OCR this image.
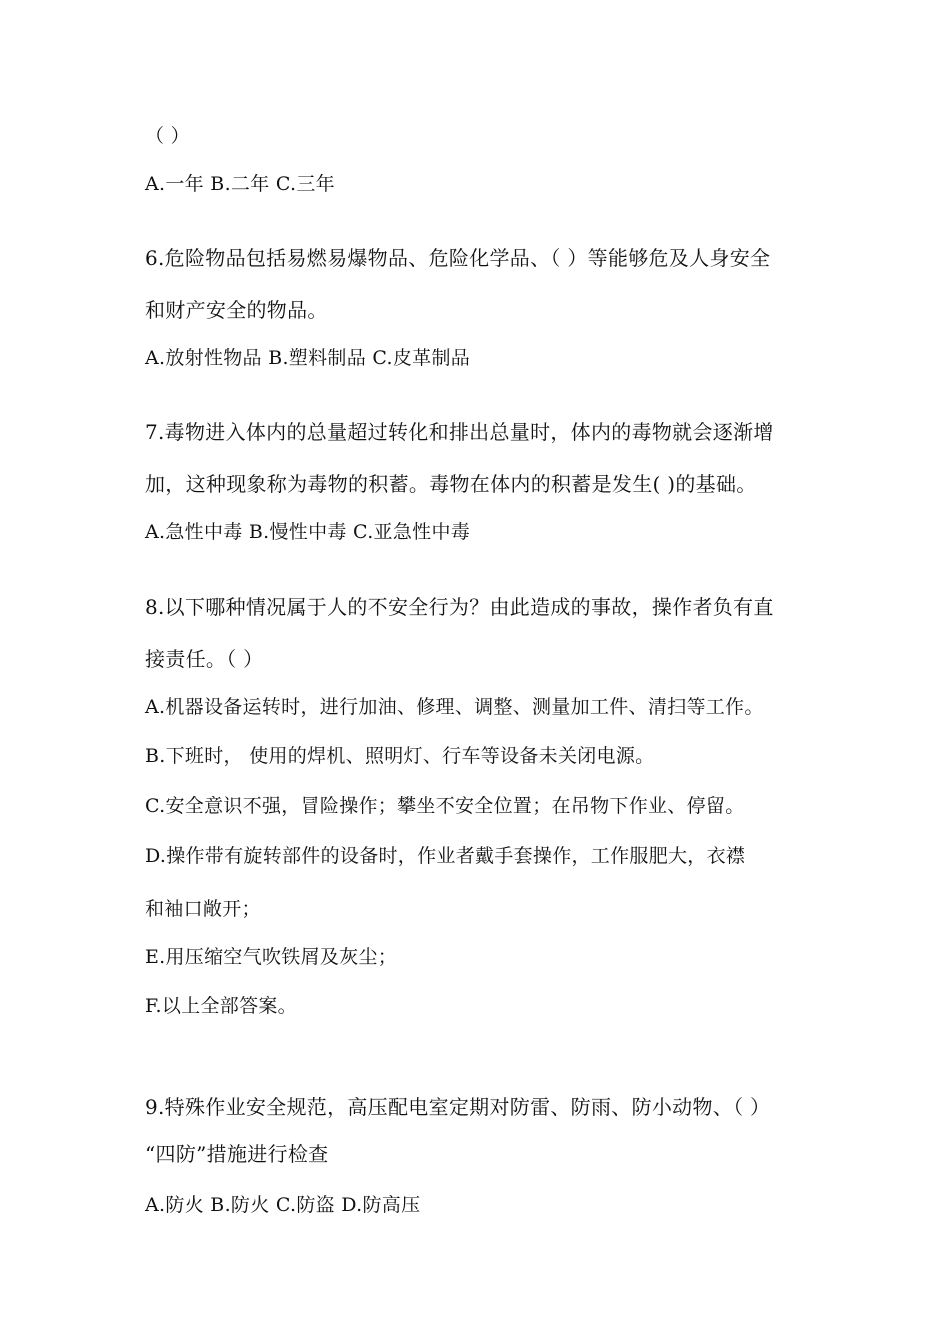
（ ）
A.一年 B.二年 C.三年
6.危险物品包括易燃易爆物品、危险化学品、（ ）等能够危及人身安全
和财产安全的物品。
A.放射性物品 B.塑料制品 C.皮革制品
7.毒物进入体内的总量超过转化和排出总量时，体内的毒物就会逐渐增
加，这种现象称为毒物的积蓄。毒物在体内的积蓄是发生( )的基础。
A.急性中毒 B.慢性中毒 C.亚急性中毒
8.以下哪种情况属于人的不安全行为？由此造成的事故，操作者负有直
接责任。（ ）
A.机器设备运转时，进行加油、修理、调整、测量加工件、清扫等工作。
B.下班时， 使用的焊机、照明灯、行车等设备未关闭电源。
C.安全意识不强，冒险操作；攀坐不安全位置；在吊物下作业、停留。
D.操作带有旋转部件的设备时，作业者戴手套操作，工作服肥大，衣襟
和袖口敞开；
E.用压缩空气吹铁屑及灰尘；
F.以上全部答案。
9.特殊作业安全规范，高压配电室定期对防雷、防雨、防小动物、（ ）
“四防”措施进行检查
A.防火 B.防火 C.防盗 D.防高压
